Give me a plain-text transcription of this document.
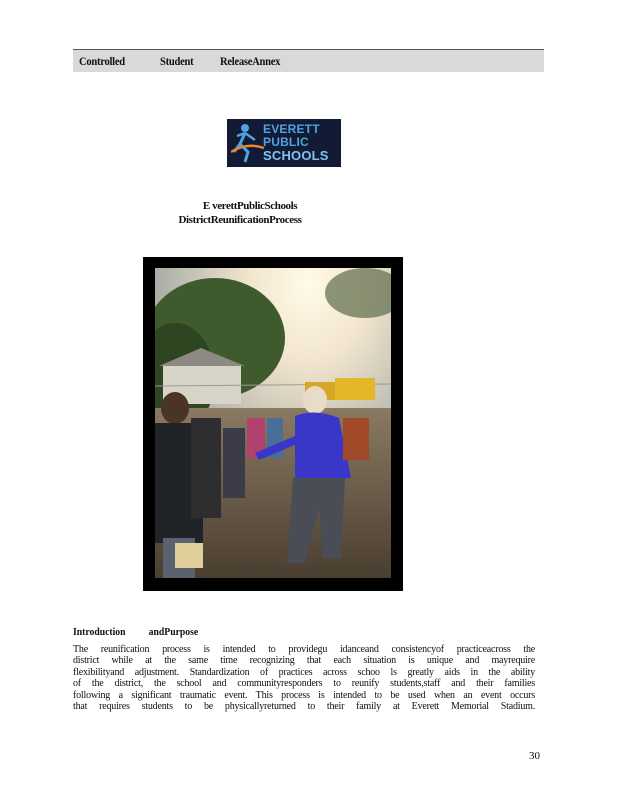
Controlled	Student ReleaseAnnex
EVERETT
PUBLIC
SCHOOLS
E verettPublicSchools
DistrictReunificationProcess
Introduction andPurpose
The reunification process is intended to providegu idanceand consistencyof practiceacross the
district while at the same time recognizing that each situation is unique and mayrequire
flexibilityand adjustment. Standardization of practices across schoo ls greatly aids in the ability
of the district, the school and communityresponders to reunify students,staff and their families
following a significant traumatic event. This process is intended to be used when an event occurs
that requires students to be physicallyreturned to their family at Everett Memorial Stadium.
30
